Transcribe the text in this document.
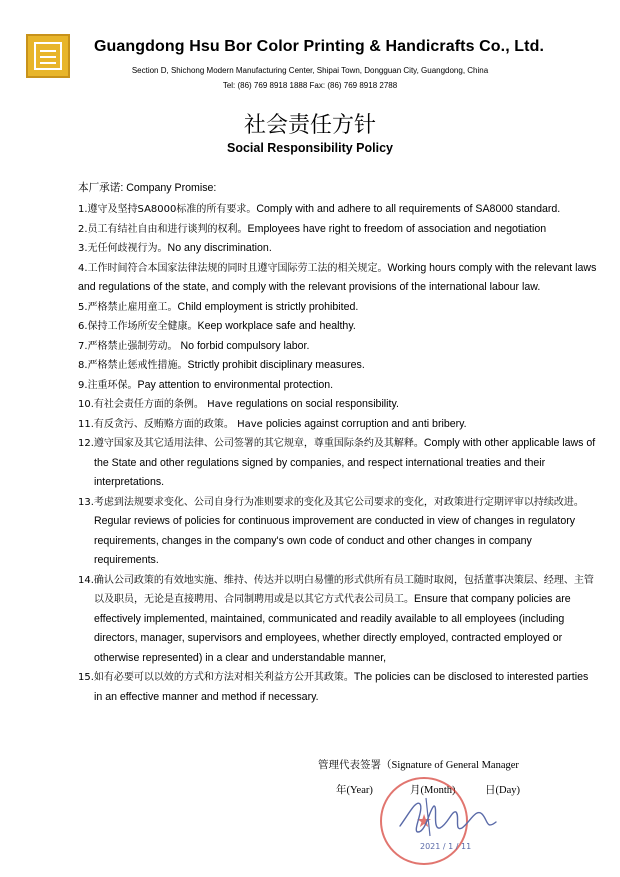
Guangdong Hsu Bor Color Printing & Handicrafts Co., Ltd.
Section D, Shichong Modern Manufacturing Center, Shipai Town, Dongguan City, Guangdong, China
Tel: (86) 769 8918 1888 Fax: (86) 769 8918 2788
社会责任方针
Social Responsibility Policy
本厂承诺: Company Promise:
1.遵守及坚持SA8000标准的所有要求。Comply with and adhere to all requirements of SA8000 standard.
2.员工有结社自由和进行谈判的权利。Employees have right to freedom of association and negotiation
3.无任何歧视行为。No any discrimination.
4.工作时间符合本国家法律法规的同时且遵守国际劳工法的相关规定。Working hours comply with the relevant laws and regulations of the state, and comply with the relevant provisions of the international labour law.
5.严格禁止雇用童工。Child employment is strictly prohibited.
6.保持工作场所安全健康。Keep workplace safe and healthy.
7.严格禁止强制劳动。 No forbid compulsory labor.
8.严格禁止惩戒性措施。Strictly prohibit disciplinary measures.
9.注重环保。Pay attention to environmental protection.
10.有社会责任方面的条例。 Have regulations on social responsibility.
11.有反贪污、反贿赂方面的政策。 Have policies against corruption and anti bribery.
12.遵守国家及其它适用法律、公司签署的其它规章，尊重国际条约及其解释。Comply with other applicable laws of the State and other regulations signed by companies, and respect international treaties and their interpretations.
13.考虑到法规要求变化、公司自身行为准则要求的变化及其它公司要求的变化，对政策进行定期评审以持续改进。Regular reviews of policies for continuous improvement are conducted in view of changes in regulatory requirements, changes in the company's own code of conduct and other changes in company requirements.
14.确认公司政策的有效地实施、维持、传达并以明白易懂的形式供所有员工随时取阅，包括董事决策层、经理、主管以及职员，无论是直接聘用、合同制聘用或是以其它方式代表公司员工。Ensure that company policies are effectively implemented, maintained, communicated and readily available to all employees (including directors, manager, supervisors and employees, whether directly employed, contracted employed or otherwise represented) in a clear and understandable manner,
15.如有必要可以以效的方式和方法对相关利益方公开其政策。The policies can be disclosed to interested parties in an effective manner and method if necessary.
管理代表签署（Signature of General Manager
年(Year)	月(Month)	日(Day)
★
2021 / 1 / 11
